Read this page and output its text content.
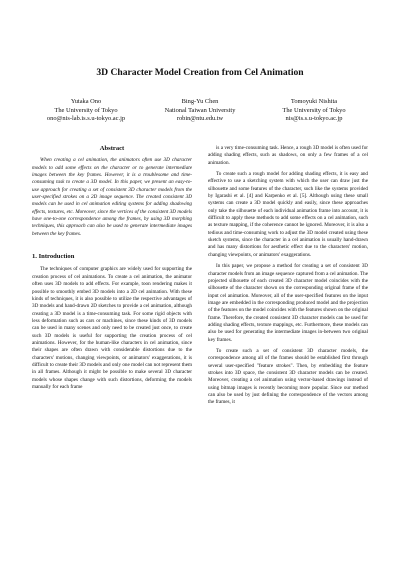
3D Character Model Creation from Cel Animation
Yutaka Ono
The University of Tokyo
ono@nis-lab.is.s.u-tokyo.ac.jp
Bing-Yu Chen
National Taiwan University
robin@ntu.edu.tw
Tomoyuki Nishita
The University of Tokyo
nis@is.s.u-tokyo.ac.jp
Abstract

When creating a cel animation, the animators often use 3D character models to add some effects on the character or to generate intermediate images between the key frames. However, it is a troublesome and time-consuming task to create a 3D model. In this paper, we present an easy-to-use approach for creating a set of consistent 3D character models from the user-specified strokes on a 2D image sequence. The created consistent 3D models can be used in cel animation editing systems for adding shadowing effects, textures, etc. Moreover, since the vertices of the consistent 3D models have one-to-one correspondence among the frames, by using 3D morphing techniques, this approach can also be used to generate intermediate images between the key frames.

1. Introduction

The techniques of computer graphics are widely used for supporting the creation process of cel animations. To create a cel animation, the animator often uses 3D models to add effects. For example, toon rendering makes it possible to smoothly embed 3D models into a 2D cel animation. With these kinds of techniques, it is also possible to utilize the respective advantages of 3D models and hand-drawn 2D sketches to provide a cel animation, although creating a 3D model is a time-consuming task. For some rigid objects with less deformation such as cars or machines, since these kinds of 3D models can be used in many scenes and only need to be created just once, to create such 3D models is useful for supporting the creation process of cel animations. However, for the human-like characters in cel animation, since their shapes are often drawn with considerable distortions due to the characters' motions, changing viewpoints, or animators' exaggerations, it is difficult to create their 3D models and only one model can not represent them in all frames. Although it might be possible to make several 3D character models whose shapes change with such distortions, deforming the models manually for each frame

is a very time-consuming task. Hence, a rough 3D model is often used for adding shading effects, such as shadows, on only a few frames of a cel animation.

To create such a rough model for adding shading effects, it is easy and effective to use a sketching system with which the user can draw just the silhouette and some features of the character, such like the systems provided by Igarashi et al. [4] and Karpenko et al. [5]. Although using these small systems can create a 3D model quickly and easily, since these approaches only take the silhouette of each individual animation frame into account, it is difficult to apply these methods to add some effects on a cel animation, such as texture mapping, if the coherence cannot be ignored. Moreover, it is also a tedious and time-consuming work to adjust the 3D model created using these sketch systems, since the character in a cel animation is usually hand-drawn and has many distortions for aesthetic effect due to the characters' motion, changing viewpoints, or animators' exaggerations.

In this paper, we propose a method for creating a set of consistent 3D character models from an image sequence captured from a cel animation. The projected silhouette of each created 3D character model coincides with the silhouette of the character shown on the corresponding original frame of the input cel animation. Moreover, all of the user-specified features on the input image are embedded in the corresponding produced model and the projection of the features on the model coincides with the features shown on the original frame. Therefore, the created consistent 3D character models can be used for adding shading effects, texture mappings, etc. Furthermore, these models can also be used for generating the intermediate images in-between two original key frames.

To create such a set of consistent 3D character models, the correspondence among all of the frames should be established first through several user-specified "feature strokes". Then, by embedding the feature strokes into 3D space, the consistent 3D character models can be created. Moreover, creating a cel animation using vector-based drawings instead of using bitmap images is recently becoming more popular. Since our method can also be used by just defining the correspondence of the vectors among the frames, it
